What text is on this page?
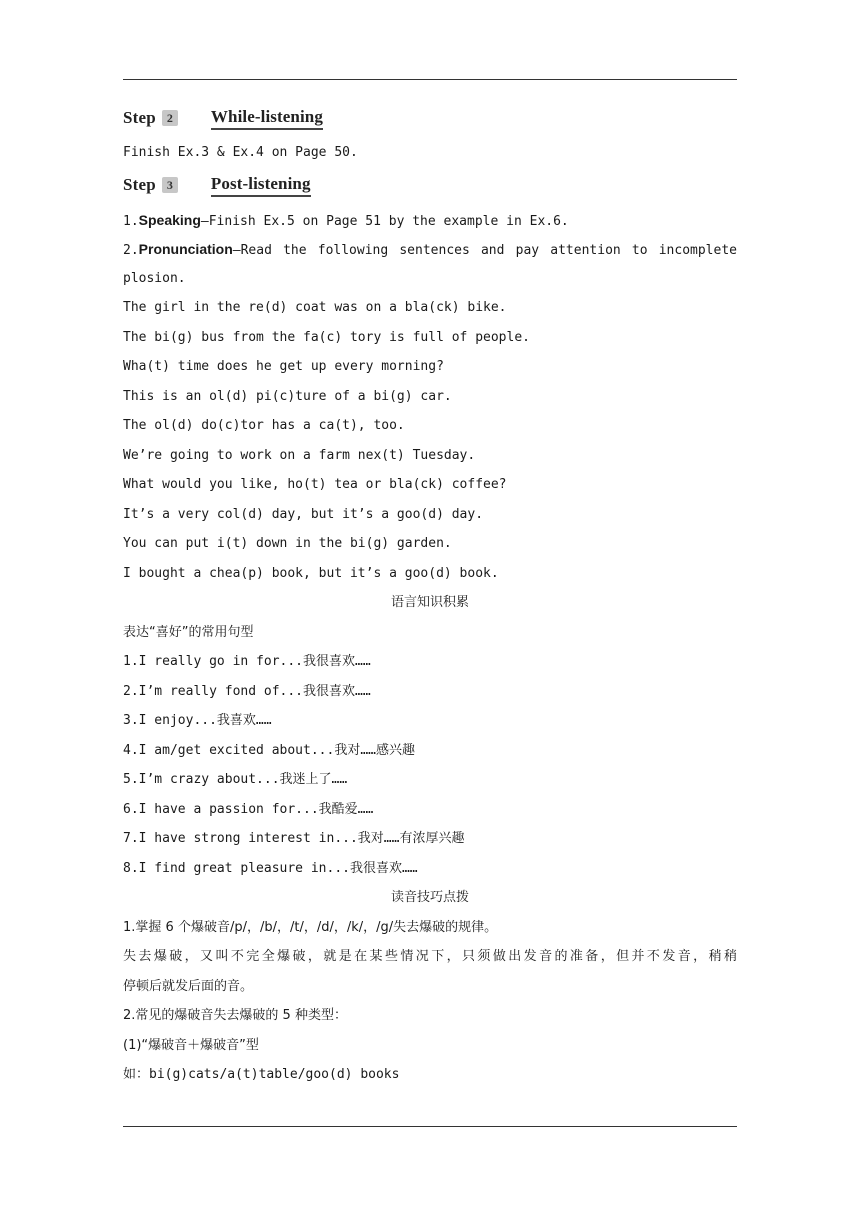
Step 2 While-listening
Finish Ex.3 & Ex.4 on Page 50.
Step 3 Post-listening
1.Speaking—Finish Ex.5 on Page 51 by the example in Ex.6.
2.Pronunciation—Read the following sentences and pay attention to incomplete
plosion.
The girl in the re(d) coat was on a bla(ck) bike.
The bi(g) bus from the fa(c) tory is full of people.
Wha(t) time does he get up every morning?
This is an ol(d) pi(c)ture of a bi(g) car.
The ol(d) do(c)tor has a ca(t), too.
We’re going to work on a farm nex(t) Tuesday.
What would you like, ho(t) tea or bla(ck) coffee?
It’s a very col(d) day, but it’s a goo(d) day.
You can put i(t) down in the bi(g) garden.
I bought a chea(p) book, but it’s a goo(d) book.
语言知识积累
表达“喜好”的常用句型
1.I really go in for...我很喜欢……
2.I’m really fond of...我很喜欢……
3.I enjoy...我喜欢……
4.I am/get excited about...我对……感兴趣
5.I’m crazy about...我迷上了……
6.I have a passion for...我酷爱……
7.I have strong interest in...我对……有浓厚兴趣
8.I find great pleasure in...我很喜欢……
读音技巧点拨
1.掌握 6 个爆破音/p/，/b/，/t/，/d/，/k/，/g/失去爆破的规律。
失去爆破，又叫不完全爆破，就是在某些情况下，只须做出发音的准备，但并不发音，稍稍
停顿后就发后面的音。
2.常见的爆破音失去爆破的 5 种类型：
(1)“爆破音＋爆破音”型
如：bi(g)cats/a(t)table/goo(d) books
